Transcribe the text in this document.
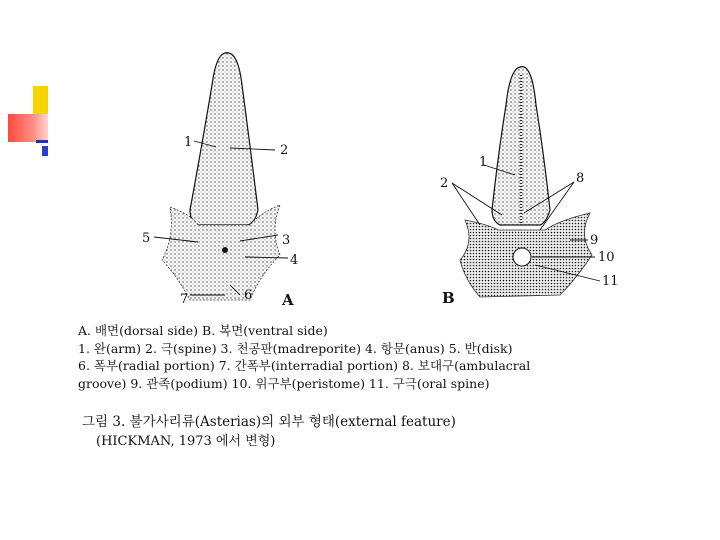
1
2
3
4
5
6
7	A
1
2	8
9
10
11
B
A. 배면(dorsal side) B. 복면(ventral side)
1. 완(arm) 2. 극(spine) 3. 천공판(madreporite) 4. 항문(anus) 5. 반(disk)
6. 폭부(radial portion) 7. 간폭부(interradial portion) 8. 보대구(ambulacral
groove) 9. 관족(podium) 10. 위구부(peristome) 11. 구극(oral spine)
그림 3. 불가사리류(Asterias)의 외부 형태(external feature)
(HICKMAN, 1973 에서 변형)
